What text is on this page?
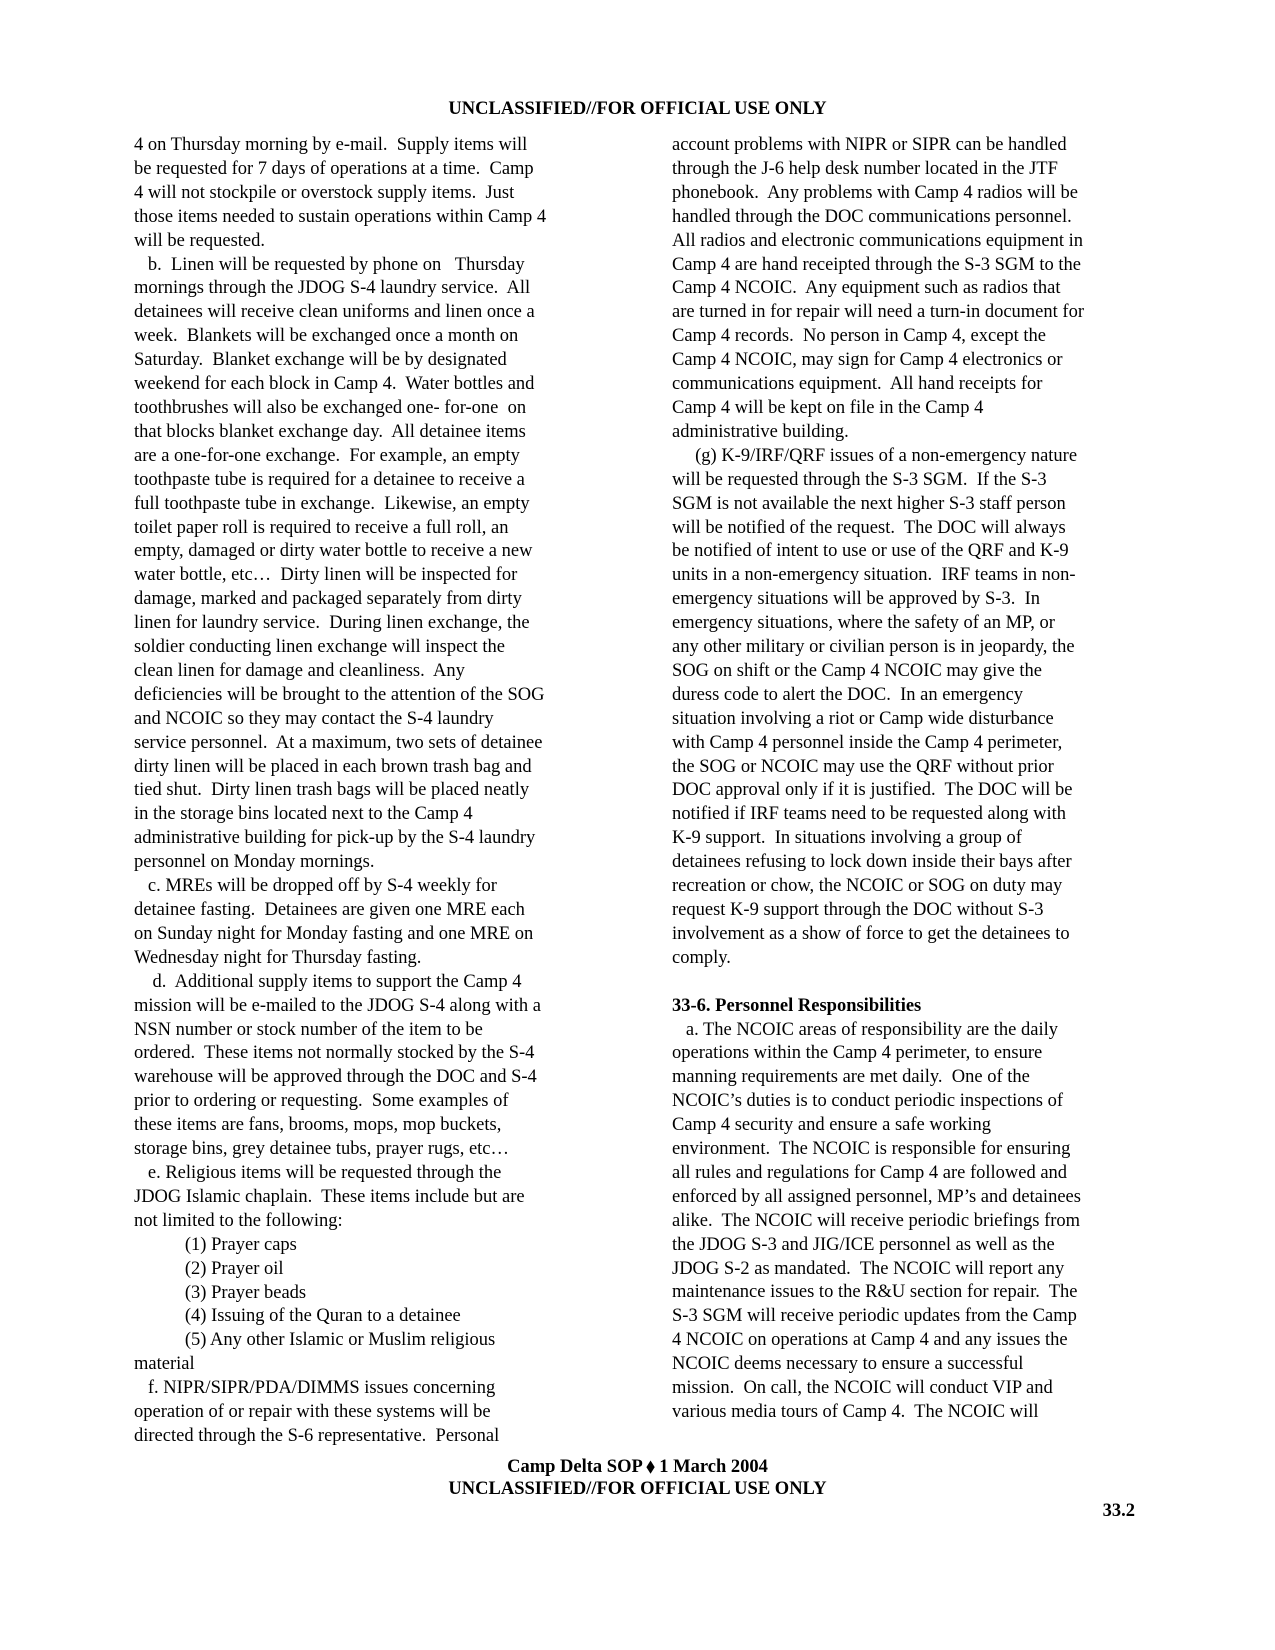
UNCLASSIFIED//FOR OFFICIAL USE ONLY
4 on Thursday morning by e-mail.  Supply items will
be requested for 7 days of operations at a time.  Camp
4 will not stockpile or overstock supply items.  Just
those items needed to sustain operations within Camp 4
will be requested.
b.  Linen will be requested by phone on   Thursday
mornings through the JDOG S-4 laundry service.  All
detainees will receive clean uniforms and linen once a
week.  Blankets will be exchanged once a month on
Saturday.  Blanket exchange will be by designated
weekend for each block in Camp 4.  Water bottles and
toothbrushes will also be exchanged one- for-one  on
that blocks blanket exchange day.  All detainee items
are a one-for-one exchange.  For example, an empty
toothpaste tube is required for a detainee to receive a
full toothpaste tube in exchange.  Likewise, an empty
toilet paper roll is required to receive a full roll, an
empty, damaged or dirty water bottle to receive a new
water bottle, etc…  Dirty linen will be inspected for
damage, marked and packaged separately from dirty
linen for laundry service.  During linen exchange, the
soldier conducting linen exchange will inspect the
clean linen for damage and cleanliness.  Any
deficiencies will be brought to the attention of the SOG
and NCOIC so they may contact the S-4 laundry
service personnel.  At a maximum, two sets of detainee
dirty linen will be placed in each brown trash bag and
tied shut.  Dirty linen trash bags will be placed neatly
in the storage bins located next to the Camp 4
administrative building for pick-up by the S-4 laundry
personnel on Monday mornings.
c. MREs will be dropped off by S-4 weekly for
detainee fasting.  Detainees are given one MRE each
on Sunday night for Monday fasting and one MRE on
Wednesday night for Thursday fasting.
d.  Additional supply items to support the Camp 4
mission will be e-mailed to the JDOG S-4 along with a
NSN number or stock number of the item to be
ordered.  These items not normally stocked by the S-4
warehouse will be approved through the DOC and S-4
prior to ordering or requesting.  Some examples of
these items are fans, brooms, mops, mop buckets,
storage bins, grey detainee tubs, prayer rugs, etc…
e. Religious items will be requested through the
JDOG Islamic chaplain.  These items include but are
not limited to the following:
(1) Prayer caps
(2) Prayer oil
(3) Prayer beads
(4) Issuing of the Quran to a detainee
(5) Any other Islamic or Muslim religious
material
f. NIPR/SIPR/PDA/DIMMS issues concerning
operation of or repair with these systems will be
directed through the S-6 representative.  Personal
account problems with NIPR or SIPR can be handled
through the J-6 help desk number located in the JTF
phonebook.  Any problems with Camp 4 radios will be
handled through the DOC communications personnel.
All radios and electronic communications equipment in
Camp 4 are hand receipted through the S-3 SGM to the
Camp 4 NCOIC.  Any equipment such as radios that
are turned in for repair will need a turn-in document for
Camp 4 records.  No person in Camp 4, except the
Camp 4 NCOIC, may sign for Camp 4 electronics or
communications equipment.  All hand receipts for
Camp 4 will be kept on file in the Camp 4
administrative building.
(g) K-9/IRF/QRF issues of a non-emergency nature
will be requested through the S-3 SGM.  If the S-3
SGM is not available the next higher S-3 staff person
will be notified of the request.  The DOC will always
be notified of intent to use or use of the QRF and K-9
units in a non-emergency situation.  IRF teams in non-
emergency situations will be approved by S-3.  In
emergency situations, where the safety of an MP, or
any other military or civilian person is in jeopardy, the
SOG on shift or the Camp 4 NCOIC may give the
duress code to alert the DOC.  In an emergency
situation involving a riot or Camp wide disturbance
with Camp 4 personnel inside the Camp 4 perimeter,
the SOG or NCOIC may use the QRF without prior
DOC approval only if it is justified.  The DOC will be
notified if IRF teams need to be requested along with
K-9 support.  In situations involving a group of
detainees refusing to lock down inside their bays after
recreation or chow, the NCOIC or SOG on duty may
request K-9 support through the DOC without S-3
involvement as a show of force to get the detainees to
comply.
33-6. Personnel Responsibilities
a. The NCOIC areas of responsibility are the daily
operations within the Camp 4 perimeter, to ensure
manning requirements are met daily.  One of the
NCOIC’s duties is to conduct periodic inspections of
Camp 4 security and ensure a safe working
environment.  The NCOIC is responsible for ensuring
all rules and regulations for Camp 4 are followed and
enforced by all assigned personnel, MP’s and detainees
alike.  The NCOIC will receive periodic briefings from
the JDOG S-3 and JIG/ICE personnel as well as the
JDOG S-2 as mandated.  The NCOIC will report any
maintenance issues to the R&U section for repair.  The
S-3 SGM will receive periodic updates from the Camp
4 NCOIC on operations at Camp 4 and any issues the
NCOIC deems necessary to ensure a successful
mission.  On call, the NCOIC will conduct VIP and
various media tours of Camp 4.  The NCOIC will
Camp Delta SOP ⬧ 1 March 2004
UNCLASSIFIED//FOR OFFICIAL USE ONLY
33.2
